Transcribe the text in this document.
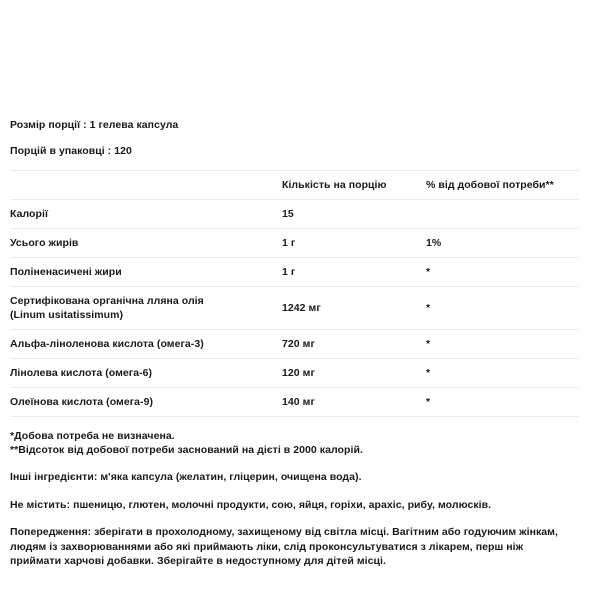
Розмір порції : 1 гелева капсула

Порцій в упаковці : 120

	Кількість на порцію	% від добової потреби**
Калорії	15	
Усього жирів	1 г	1%
Поліненасичені жири	1 г	*
Сертифікована органічна лляна олія
(Linum usitatissimum)	1242 мг	*
Альфа-ліноленова кислота (омега-3)	720 мг	*
Лінолева кислота (омега-6)	120 мг	*
Олеїнова кислота (омега-9)	140 мг	*

*Добова потреба не визначена.

**Відсоток від добової потреби заснований на дієті в 2000 калорій.

Інші інгредієнти: м'яка капсула (желатин, гліцерин, очищена вода).

Не містить: пшеницю, глютен, молочні продукти, сою, яйця, горіхи, арахіс, рибу, молюсків.

Попередження: зберігати в прохолодному, захищеному від світла місці. Вагітним або годуючим жінкам, людям із захворюваннями або які приймають ліки, слід проконсультуватися з лікарем, перш ніж приймати харчові добавки. Зберігайте в недоступному для дітей місці.
